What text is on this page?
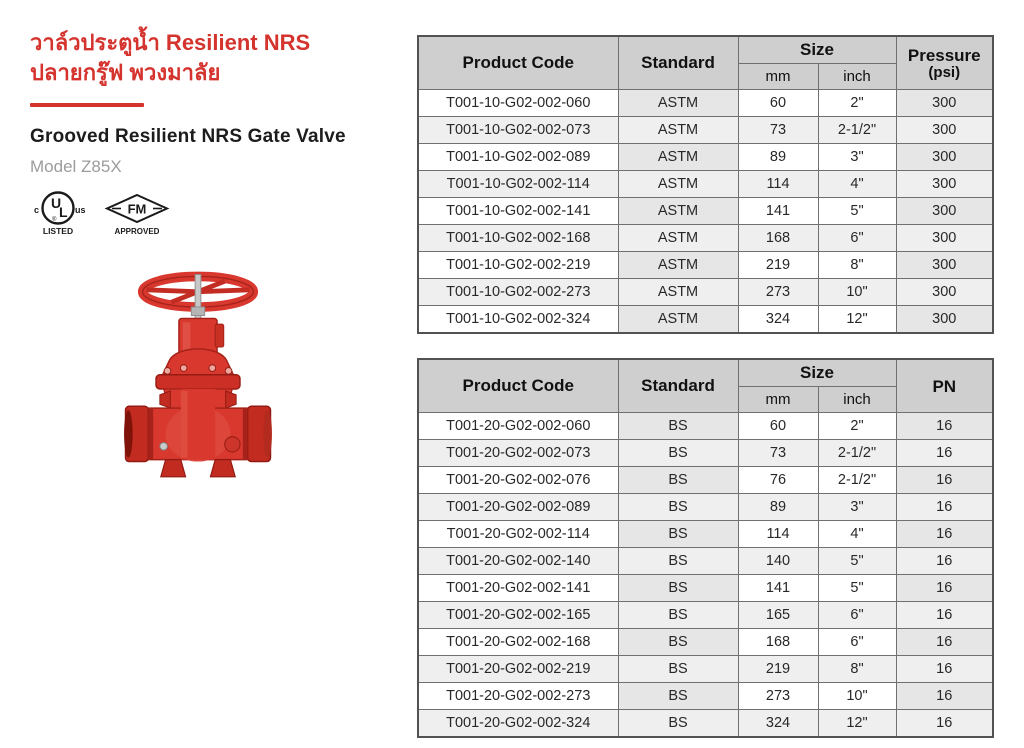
วาล์วประตูน้ำ Resilient NRS
ปลายกรู๊ฟ พวงมาลัย
Grooved Resilient NRS Gate Valve
Model Z85X
U
L
®
c	us
LISTED
FM
APPROVED
Product Code	Standard	Size		Pressure
(psi)

		mm	inch	
T001-10-G02-002-060	ASTM	60	2"	300
T001-10-G02-002-073	ASTM	73	2-1/2"	300
T001-10-G02-002-089	ASTM	89	3"	300
T001-10-G02-002-114	ASTM	114	4"	300
T001-10-G02-002-141	ASTM	141	5"	300
T001-10-G02-002-168	ASTM	168	6"	300
T001-10-G02-002-219	ASTM	219	8"	300
T001-10-G02-002-273	ASTM	273	10"	300
T001-10-G02-002-324	ASTM	324	12"	300
Product Code	Standard	Size		PN

		mm	inch	
T001-20-G02-002-060	BS	60	2"	16
T001-20-G02-002-073	BS	73	2-1/2"	16
T001-20-G02-002-076	BS	76	2-1/2"	16
T001-20-G02-002-089	BS	89	3"	16
T001-20-G02-002-114	BS	114	4"	16
T001-20-G02-002-140	BS	140	5"	16
T001-20-G02-002-141	BS	141	5"	16
T001-20-G02-002-165	BS	165	6"	16
T001-20-G02-002-168	BS	168	6"	16
T001-20-G02-002-219	BS	219	8"	16
T001-20-G02-002-273	BS	273	10"	16
T001-20-G02-002-324	BS	324	12"	16
